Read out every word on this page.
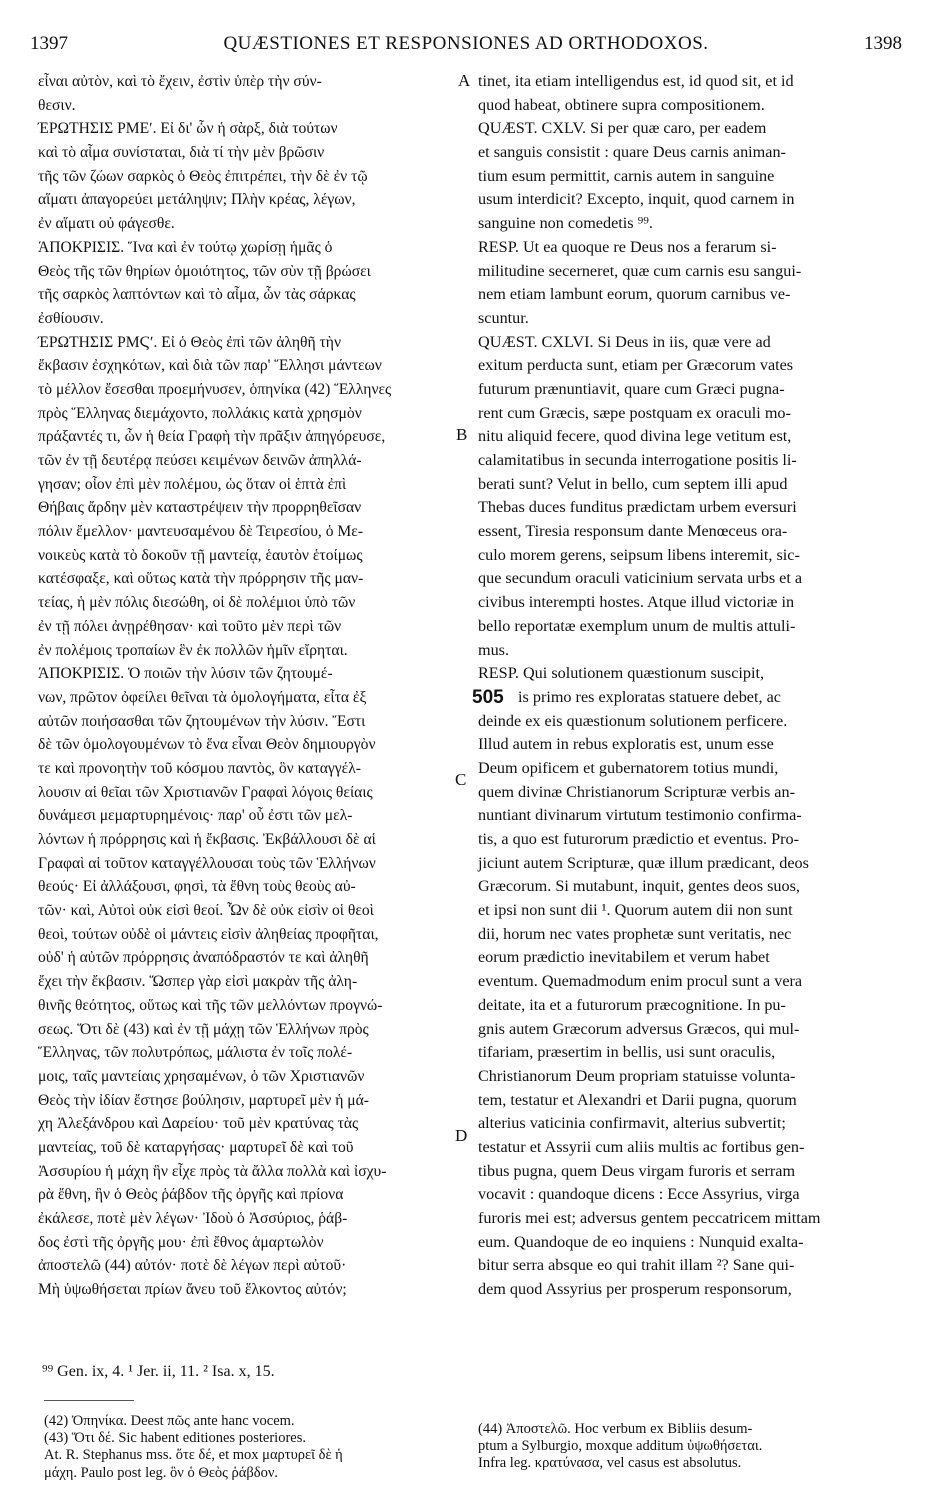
1397	QUÆSTIONES ET RESPONSIONES AD ORTHODOXOS.	1398
εἶναι αὐτὸν, καὶ τὸ ἔχειν, ἐστὶν ὑπὲρ τὴν σύν-
θεσιν.
ΈΡΩΤΗΣΙΣ ΡΜΕʹ. Εἰ δι' ὧν ἡ σὰρξ, διὰ τούτων
καὶ τὸ αἷμα συνίσταται, διὰ τί τὴν μὲν βρῶσιν
τῆς τῶν ζώων σαρκὸς ὁ Θεὸς ἐπιτρέπει, τὴν δὲ ἐν τῷ
αἵματι ἀπαγορεύει μετάληψιν; Πλὴν κρέας, λέγων,
ἐν αἵματι οὐ φάγεσθε.
ΆΠΟΚΡΙΣΙΣ. Ἵνα καὶ ἐν τούτῳ χωρίσῃ ἡμᾶς ὁ
Θεὸς τῆς τῶν θηρίων ὁμοιότητος, τῶν σὺν τῇ βρώσει
τῆς σαρκὸς λαπτόντων καὶ τὸ αἷμα, ὧν τὰς σάρκας
ἐσθίουσιν.
ΈΡΩΤΗΣΙΣ ΡΜϚʹ. Εἰ ὁ Θεὸς ἐπὶ τῶν ἀληθῆ τὴν
ἔκβασιν ἐσχηκότων, καὶ διὰ τῶν παρ' Ἕλλησι μάντεων
τὸ μέλλον ἔσεσθαι προεμήνυσεν, ὁπηνίκα (42) Ἕλληνες
πρὸς Ἕλληνας διεμάχοντο, πολλάκις κατὰ χρησμὸν
πράξαντές τι, ὧν ἡ θεία Γραφὴ τὴν πρᾶξιν ἀπηγόρευσε,
τῶν ἐν τῇ δευτέρᾳ πεύσει κειμένων δεινῶν ἀπηλλά-
γησαν; οἷον ἐπὶ μὲν πολέμου, ὡς ὅταν οἱ ἑπτὰ ἐπὶ
Θήβαις ἄρδην μὲν καταστρέψειν τὴν προρρηθεῖσαν
πόλιν ἔμελλον· μαντευσαμένου δὲ Τειρεσίου, ὁ Με-
νοικεὺς κατὰ τὸ δοκοῦν τῇ μαντείᾳ, ἑαυτὸν ἑτοίμως
κατέσφαξε, καὶ οὕτως κατὰ τὴν πρόρρησιν τῆς μαν-
τείας, ἡ μὲν πόλις διεσώθη, οἱ δὲ πολέμιοι ὑπὸ τῶν
ἐν τῇ πόλει ἀνῃρέθησαν· καὶ τοῦτο μὲν περὶ τῶν
ἐν πολέμοις τροπαίων ἓν ἐκ πολλῶν ἡμῖν εἴρηται.
ΆΠΟΚΡΙΣΙΣ. Ὁ ποιῶν τὴν λύσιν τῶν ζητουμέ-
νων, πρῶτον ὀφείλει θεῖναι τὰ ὁμολογήματα, εἶτα ἐξ
αὐτῶν ποιήσασθαι τῶν ζητουμένων τὴν λύσιν. Ἔστι
δὲ τῶν ὁμολογουμένων τὸ ἕνα εἶναι Θεὸν δημιουργὸν
τε καὶ προνοητὴν τοῦ κόσμου παντὸς, ὃν καταγγέλ-
λουσιν αἱ θεῖαι τῶν Χριστιανῶν Γραφαὶ λόγοις θείαις
δυνάμεσι μεμαρτυρημένοις· παρ' οὗ ἐστι τῶν μελ-
λόντων ἡ πρόρρησις καὶ ἡ ἔκβασις. Ἐκβάλλουσι δὲ αἱ
Γραφαὶ αἱ τοῦτον καταγγέλλουσαι τοὺς τῶν Ἑλλήνων
θεούς· Εἰ ἀλλάξουσι, φησὶ, τὰ ἔθνη τοὺς θεοὺς αὐ-
τῶν· καὶ, Αὐτοὶ οὐκ εἰσὶ θεοί. Ὧν δὲ οὐκ εἰσὶν οἱ θεοὶ
θεοὶ, τούτων οὐδὲ οἱ μάντεις εἰσὶν ἀληθείας προφῆται,
οὐδ' ἡ αὐτῶν πρόρρησις ἀναπόδραστόν τε καὶ ἀληθῆ
ἔχει τὴν ἔκβασιν. Ὥσπερ γὰρ εἰσὶ μακρὰν τῆς ἀλη-
θινῆς θεότητος, οὕτως καὶ τῆς τῶν μελλόντων προγνώ-
σεως. Ὅτι δὲ (43) καὶ ἐν τῇ μάχῃ τῶν Ἑλλήνων πρὸς
Ἕλληνας, τῶν πολυτρόπως, μάλιστα ἐν τοῖς πολέ-
μοις, ταῖς μαντείαις χρησαμένων, ὁ τῶν Χριστιανῶν
Θεὸς τὴν ἰδίαν ἔστησε βούλησιν, μαρτυρεῖ μὲν ἡ μά-
χη Ἀλεξάνδρου καὶ Δαρείου· τοῦ μὲν κρατύνας τὰς
μαντείας, τοῦ δὲ καταργήσας· μαρτυρεῖ δὲ καὶ τοῦ
Ἀσσυρίου ἡ μάχη ἣν εἶχε πρὸς τὰ ἄλλα πολλὰ καὶ ἰσχυ-
ρὰ ἔθνη, ἣν ὁ Θεὸς ῥάβδον τῆς ὀργῆς καὶ πρίονα
ἐκάλεσε, ποτὲ μὲν λέγων· Ἰδοὺ ὁ Ἀσσύριος, ῥάβ-
δος ἐστὶ τῆς ὀργῆς μου· ἐπὶ ἔθνος ἁμαρτωλὸν
ἀποστελῶ (44) αὐτόν· ποτὲ δὲ λέγων περὶ αὐτοῦ·
Μὴ ὑψωθήσεται πρίων ἄνευ τοῦ ἕλκοντος αὐτόν;
tinet, ita etiam intelligendus est, id quod sit, et id
quod habeat, obtinere supra compositionem.
QUÆST. CXLV. Si per quæ caro, per eadem
et sanguis consistit : quare Deus carnis animan-
tium esum permittit, carnis autem in sanguine
usum interdicit? Excepto, inquit, quod carnem in
sanguine non comedetis ⁹⁹.
RESP. Ut ea quoque re Deus nos a ferarum si-
militudine secerneret, quæ cum carnis esu sangui-
nem etiam lambunt eorum, quorum carnibus ve-
scuntur.
QUÆST. CXLVI. Si Deus in iis, quæ vere ad
exitum perducta sunt, etiam per Græcorum vates
futurum prænuntiavit, quare cum Græci pugna-
rent cum Græcis, sæpe postquam ex oraculi mo-
nitu aliquid fecere, quod divina lege vetitum est,
calamitatibus in secunda interrogatione positis li-
berati sunt? Velut in bello, cum septem illi apud
Thebas duces funditus prædictam urbem eversuri
essent, Tiresia responsum dante Menœceus ora-
culo morem gerens, seipsum libens interemit, sic-
que secundum oraculi vaticinium servata urbs et a
civibus interempti hostes. Atque illud victoriæ in
bello reportatæ exemplum unum de multis attuli-
mus.
RESP. Qui solutionem quæstionum suscipit,
is primo res exploratas statuere debet, ac
505
deinde ex eis quæstionum solutionem perficere.
Illud autem in rebus exploratis est, unum esse
Deum opificem et gubernatorem totius mundi,
quem divinæ Christianorum Scripturæ verbis an-
nuntiant divinarum virtutum testimonio confirma-
tis, a quo est futurorum prædictio et eventus. Pro-
jiciunt autem Scripturæ, quæ illum prædicant, deos
Græcorum. Si mutabunt, inquit, gentes deos suos,
et ipsi non sunt dii ¹. Quorum autem dii non sunt
dii, horum nec vates prophetæ sunt veritatis, nec
eorum prædictio inevitabilem et verum habet
eventum. Quemadmodum enim procul sunt a vera
deitate, ita et a futurorum præcognitione. In pu-
gnis autem Græcorum adversus Græcos, qui mul-
tifariam, præsertim in bellis, usi sunt oraculis,
Christianorum Deum propriam statuisse volunta-
tem, testatur et Alexandri et Darii pugna, quorum
alterius vaticinia confirmavit, alterius subvertit;
testatur et Assyrii cum aliis multis ac fortibus gen-
tibus pugna, quem Deus virgam furoris et serram
vocavit : quandoque dicens : Ecce Assyrius, virga
furoris mei est; adversus gentem peccatricem mittam
eum. Quandoque de eo inquiens : Nunquid exalta-
bitur serra absque eo qui trahit illam ²? Sane qui-
dem quod Assyrius per prosperum responsorum,
A
B
C
D
⁹⁹ Gen. ix, 4. ¹ Jer. ii, 11. ² Isa. x, 15.
(42) Ὀπηνίκα. Deest πῶς ante hanc vocem.
(43) Ὅτι δέ. Sic habent editiones posteriores.
At. R. Stephanus mss. ὅτε δέ, et mox μαρτυρεῖ δὲ ἡ
μάχη. Paulo post leg. ὃν ὁ Θεὸς ῥάβδον.
(44) Ἀποστελῶ. Hoc verbum ex Bibliis desum-
ptum a Sylburgio, moxque additum ὑψωθήσεται.
Infra leg. κρατύνασα, vel casus est absolutus.
